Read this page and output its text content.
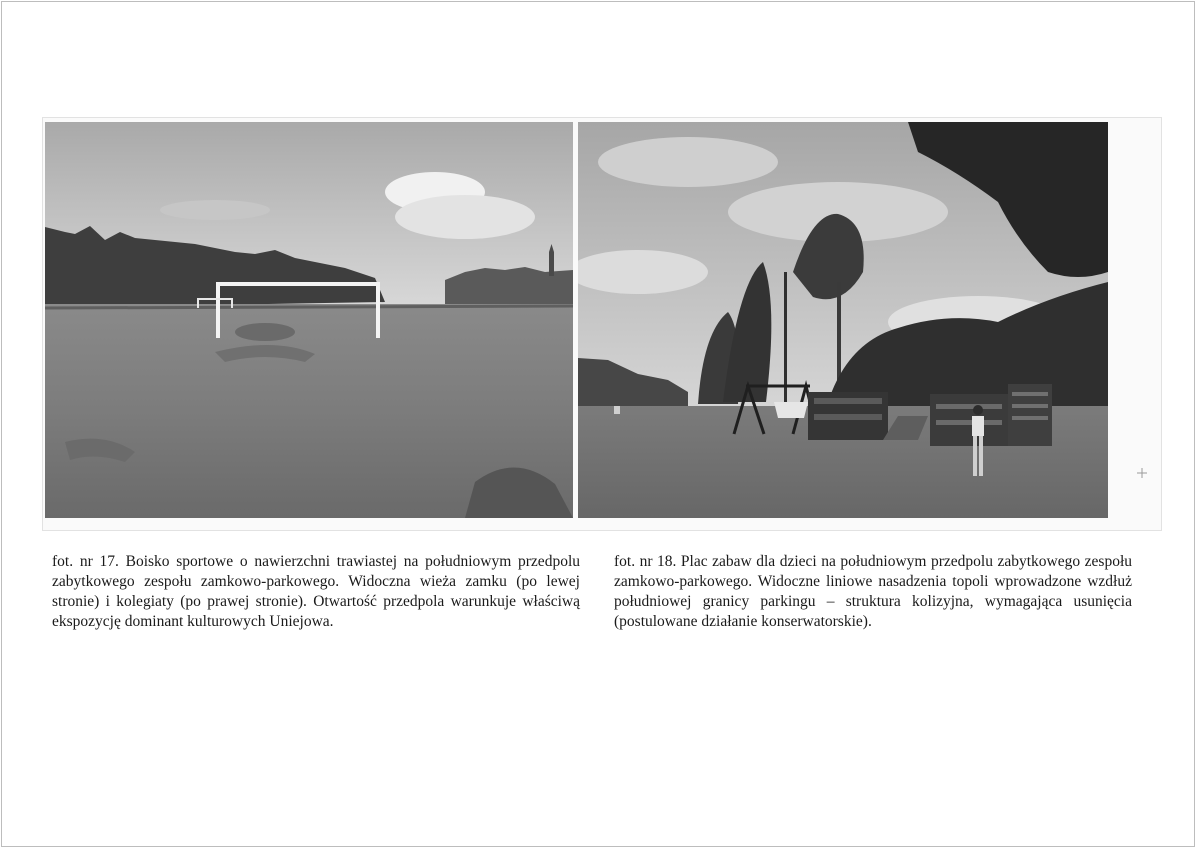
fot. nr 17. Boisko sportowe o nawierzchni trawiastej na południowym przedpolu zabytkowego zespołu zamkowo-parkowego. Widoczna wieża zamku (po lewej stronie) i kolegiaty (po prawej stronie). Otwartość przedpola warunkuje właściwą ekspozycję dominant kulturowych Uniejowa.

fot. nr 18. Plac zabaw dla dzieci na południowym przedpolu zabytkowego zespołu zamkowo-parkowego. Widoczne liniowe nasadzenia topoli wprowadzone wzdłuż południowej granicy parkingu – struktura kolizyjna, wymagająca usunięcia (postulowane działanie konserwatorskie).
